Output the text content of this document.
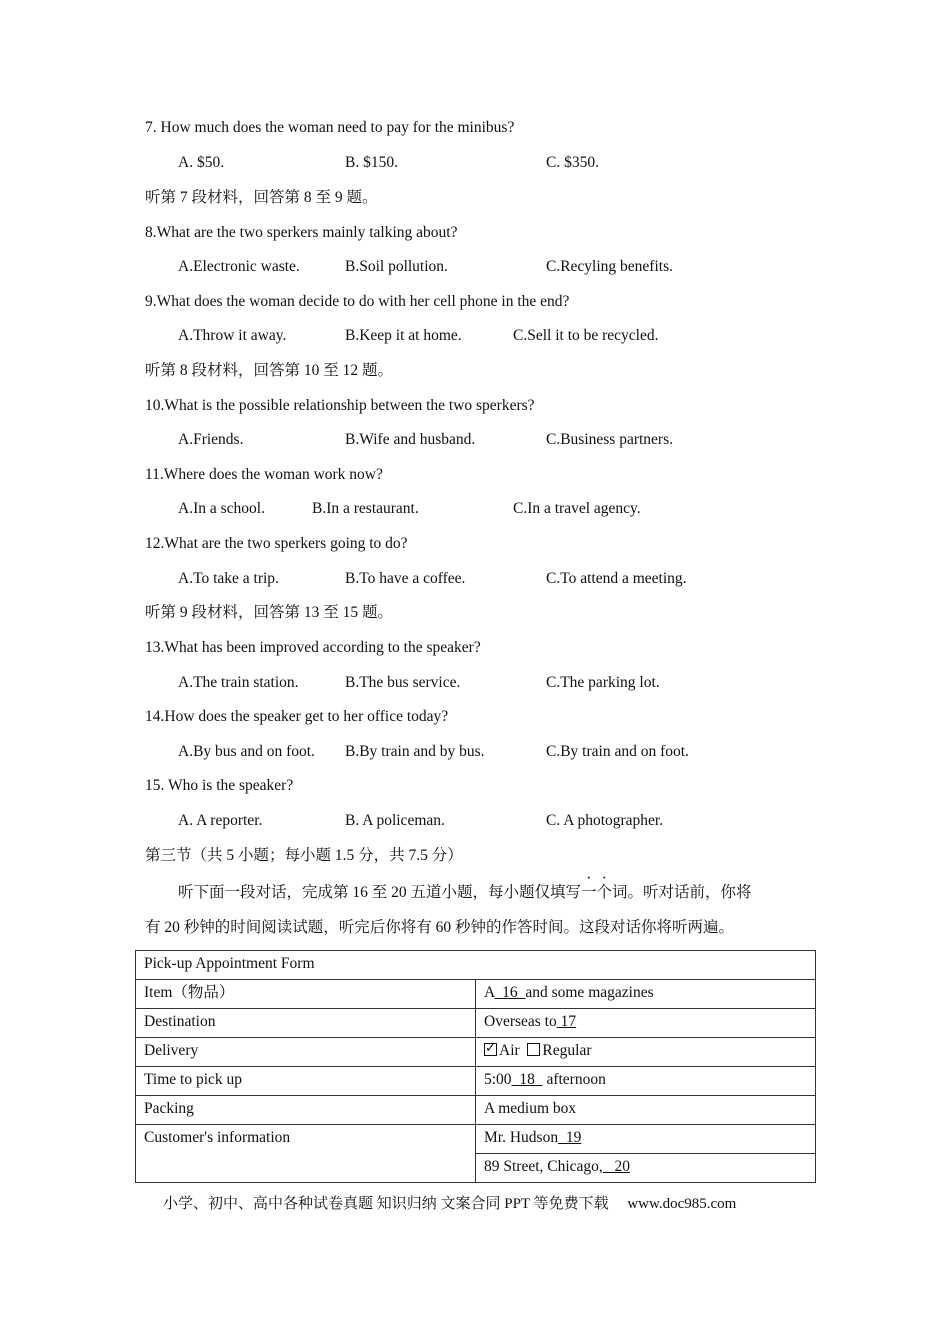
7. How much does the woman need to pay for the minibus?
A. $50.	B. $150.	C. $350.
听第 7 段材料，回答第 8 至 9 题。
8.What are the two sperkers mainly talking about?
A.Electronic waste.	B.Soil pollution.	C.Recyling benefits.
9.What does the woman decide to do with her cell phone in the end?
A.Throw it away.	B.Keep it at home.	C.Sell it to be recycled.
听第 8 段材料，回答第 10 至 12 题。
10.What is the possible relationship between the two sperkers?
A.Friends.	B.Wife and husband.	C.Business partners.
11.Where does the woman work now?
A.In a school.	B.In a restaurant.	C.In a travel agency.
12.What are the two sperkers going to do?
A.To take a trip.	B.To have a coffee.	C.To attend a meeting.
听第 9 段材料，回答第 13 至 15 题。
13.What has been improved according to the speaker?
A.The train station.	B.The bus service.	C.The parking lot.
14.How does the speaker get to her office today?
A.By bus and on foot. B.By train and by bus.	C.By train and on foot.
15. Who is the speaker?
A. A reporter.	B. A policeman.	C. A photographer.
第三节（共 5 小题；每小题 1.5 分，共 7.5 分）
听下面一段对话，完成第 16 至 20 五道小题，每小题仅填写一个词。听对话前，你将
有 20 秒钟的时间阅读试题，听完后你将有 60 秒钟的作答时间。这段对话你将听两遍。
Pick-up Appointment Form	
Item（物品）	A  16  and some magazines
Destination	Overseas to 17
Delivery	✓Air Regular
Time to pick up	5:00  18   afternoon
Packing	A medium box
Customer's information	Mr. Hudson  19
	89 Street, Chicago,   20
小学、初中、高中各种试卷真题 知识归纳 文案合同 PPT 等免费下载 www.doc985.com
